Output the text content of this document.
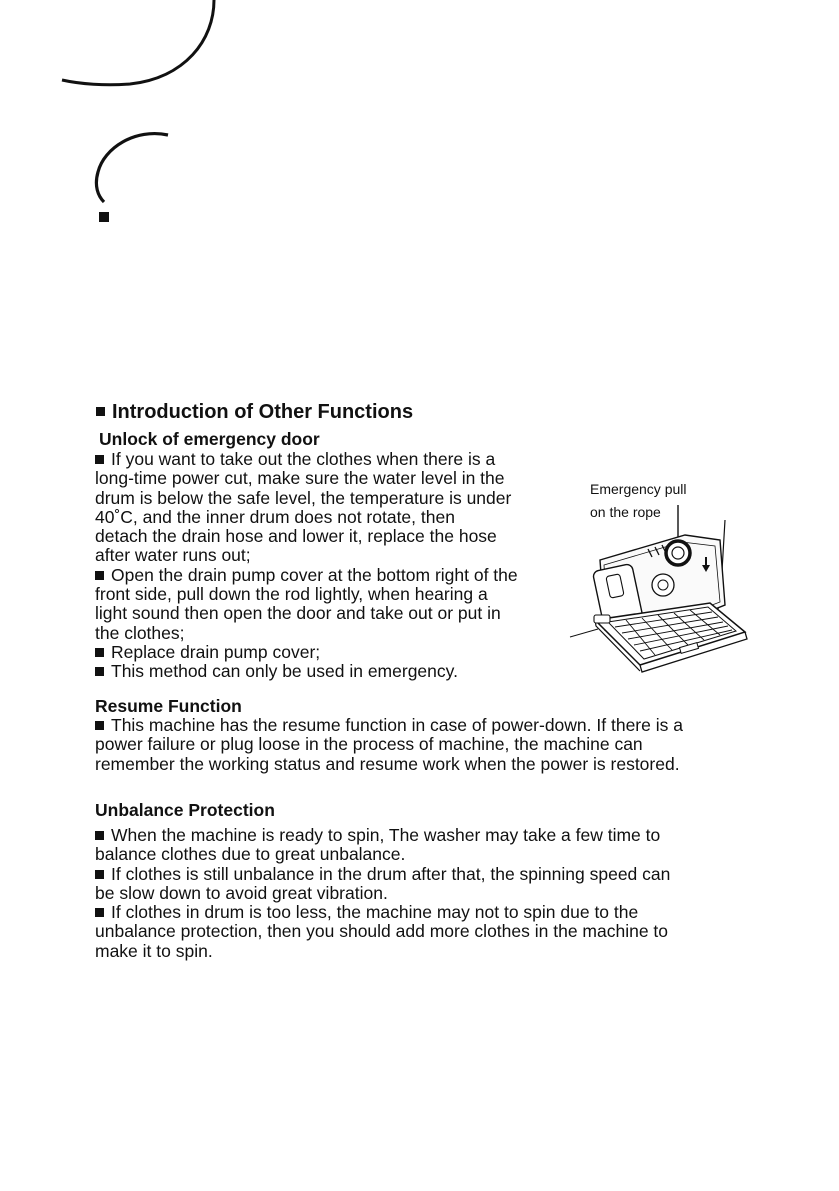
Introduction of Other Functions

Unlock of emergency door

If you want to take out the clothes when there is a

long-time power cut, make sure the water level in the

drum is below the safe level, the temperature is under

40˚C, and the inner drum does not rotate, then

detach the drain hose and lower it, replace the hose

after water runs out;

Open the drain pump cover at the bottom right of the

front side, pull down the rod lightly, when hearing a

light sound then open the door and take out or put in

the clothes;

Replace drain pump cover;

This method can only be used in emergency.

Emergency pull
on the rope

Resume Function

This machine has the resume function in case of power-down. If there is a

power failure or plug loose in the process of machine, the machine can

remember the working status and resume work when the power is restored.

Unbalance Protection

When the machine is ready to spin, The washer may take a few time to

balance clothes due to great unbalance.

If clothes is still unbalance in the drum after that, the spinning speed can

be slow down to avoid great vibration.

If clothes in drum is too less, the machine may not to spin due to the

unbalance protection, then you should add more clothes in the machine to

make it to spin.
